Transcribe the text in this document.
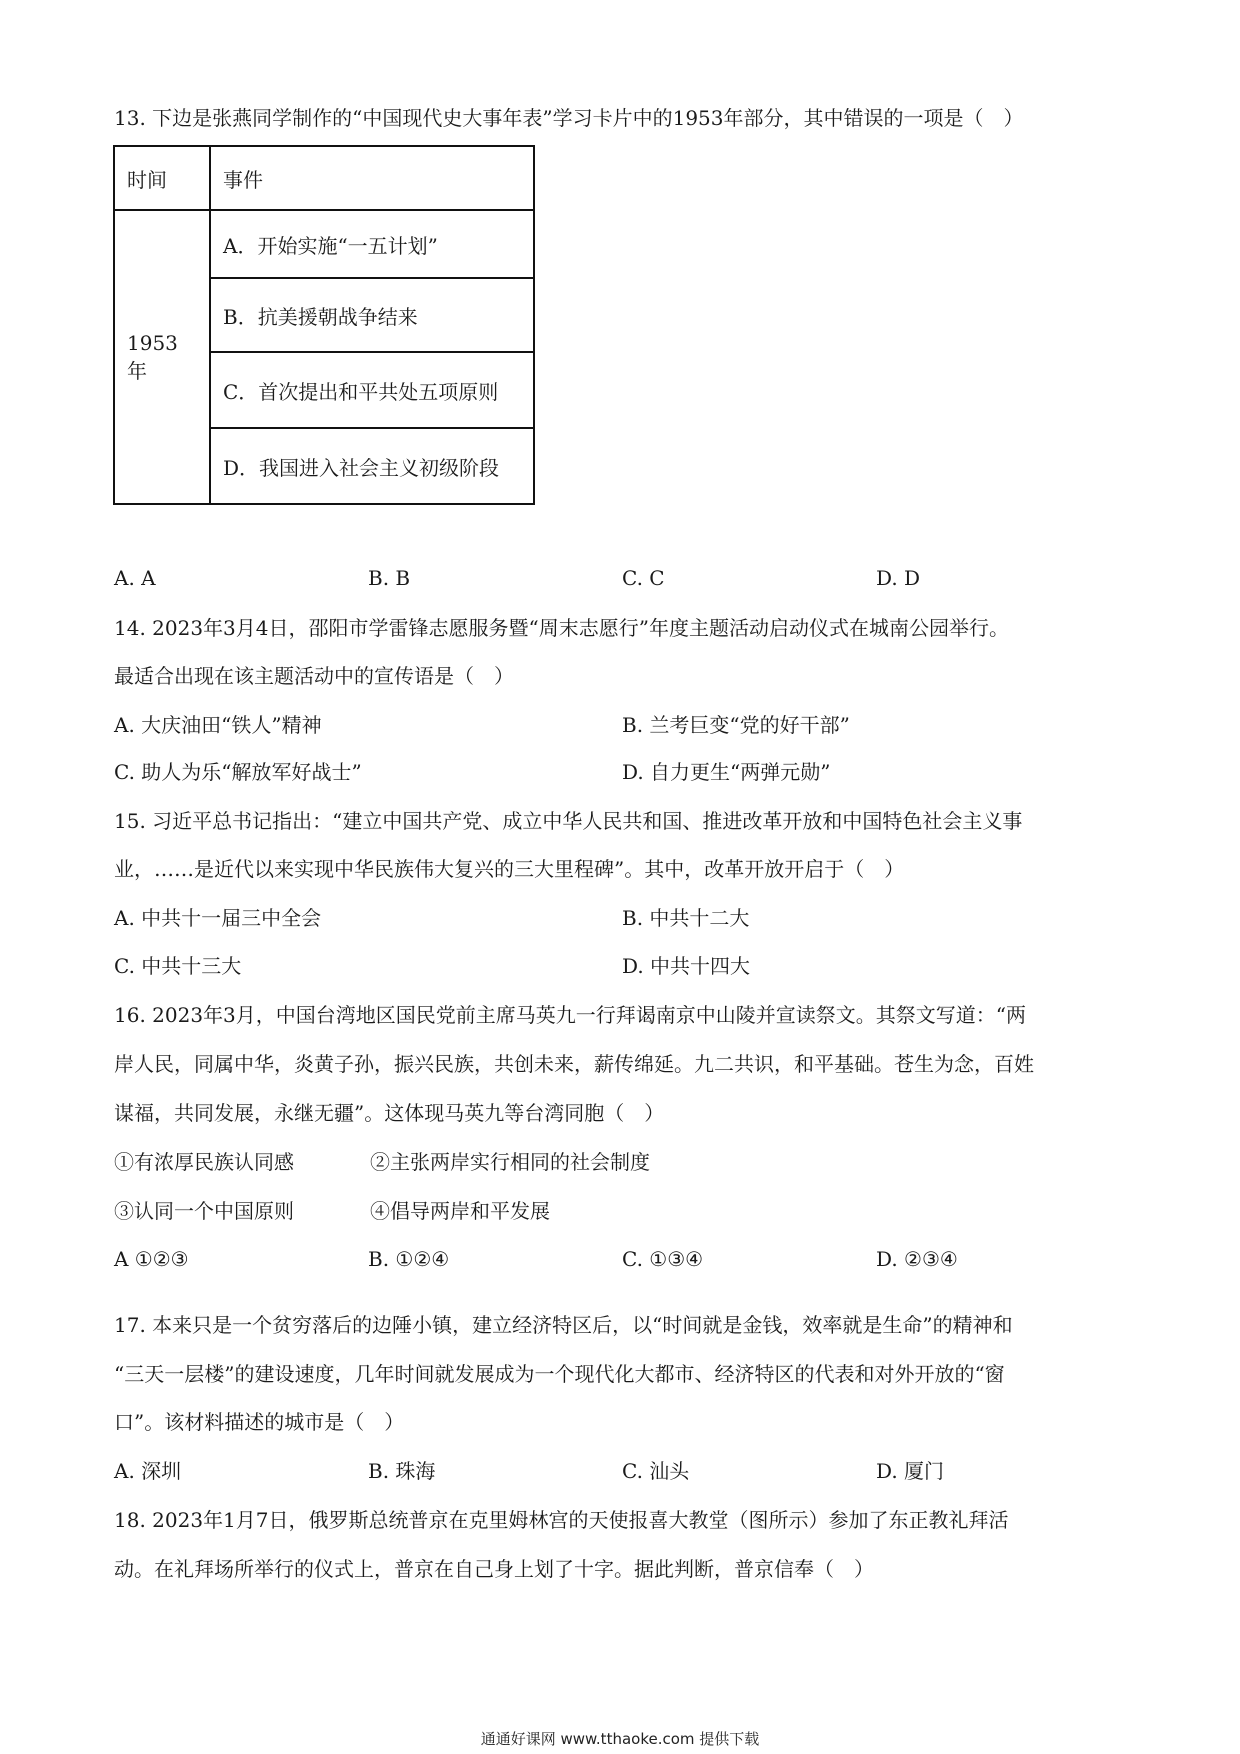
13. 下边是张燕同学制作的“中国现代史大事年表”学习卡片中的1953年部分，其中错误的一项是（　）
时间	事件
1953年	A．开始实施“一五计划”
	B．抗美援朝战争结来
	C．首次提出和平共处五项原则
	D．我国进入社会主义初级阶段
A. A	B. B	C. C	D. D
14. 2023年3月4日，邵阳市学雷锋志愿服务暨“周末志愿行”年度主题活动启动仪式在城南公园举行。
最适合出现在该主题活动中的宣传语是（　）
A. 大庆油田“铁人”精神	B. 兰考巨变“党的好干部”
C. 助人为乐“解放军好战士”	D. 自力更生“两弹元勋”
15. 习近平总书记指出：“建立中国共产党、成立中华人民共和国、推进改革开放和中国特色社会主义事
业，……是近代以来实现中华民族伟大复兴的三大里程碑”。其中，改革开放开启于（　）
A. 中共十一届三中全会	B. 中共十二大
C. 中共十三大	D. 中共十四大
16. 2023年3月，中国台湾地区国民党前主席马英九一行拜谒南京中山陵并宣读祭文。其祭文写道：“两
岸人民，同属中华，炎黄子孙，振兴民族，共创未来，薪传绵延。九二共识，和平基础。苍生为念，百姓
谋福，共同发展，永继无疆”。这体现马英九等台湾同胞（　）
①有浓厚民族认同感	②主张两岸实行相同的社会制度
③认同一个中国原则	④倡导两岸和平发展
A ①②③	B. ①②④	C. ①③④	D. ②③④
17. 本来只是一个贫穷落后的边陲小镇，建立经济特区后，以“时间就是金钱，效率就是生命”的精神和
“三天一层楼”的建设速度，几年时间就发展成为一个现代化大都市、经济特区的代表和对外开放的“窗
口”。该材料描述的城市是（　）
A. 深圳	B. 珠海	C. 汕头	D. 厦门
18. 2023年1月7日，俄罗斯总统普京在克里姆林宫的天使报喜大教堂（图所示）参加了东正教礼拜活
动。在礼拜场所举行的仪式上，普京在自己身上划了十字。据此判断，普京信奉（　）
通通好课网 www.tthaoke.com 提供下载
